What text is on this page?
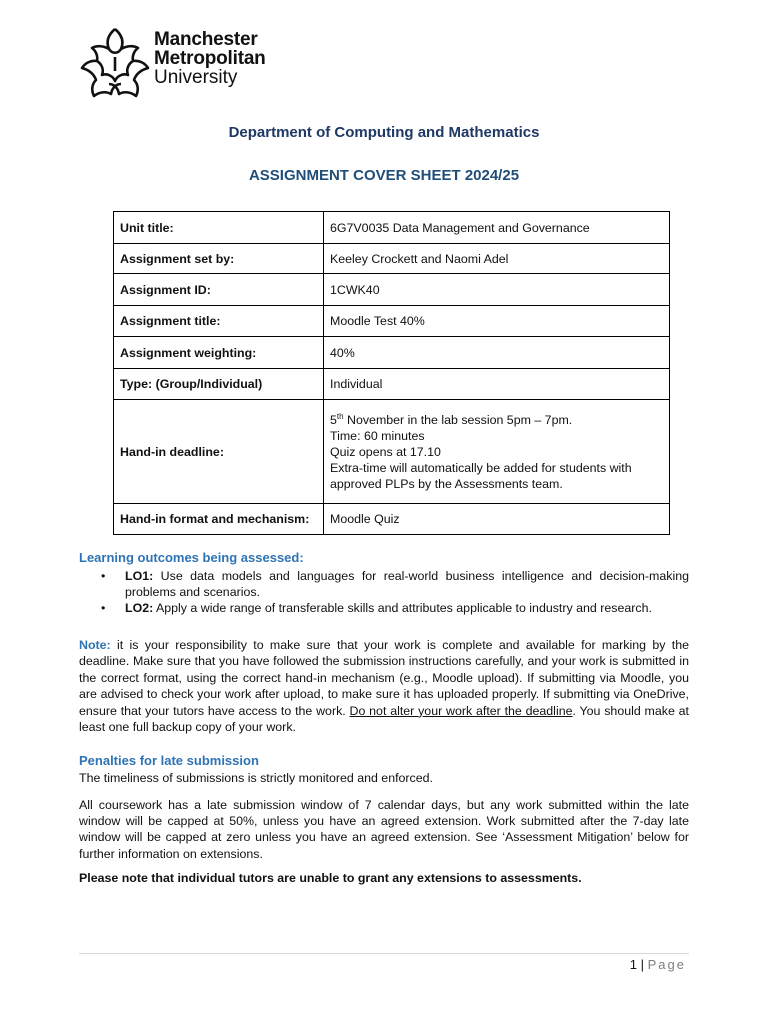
Manchester
Metropolitan
University
Department of Computing and Mathematics
ASSIGNMENT COVER SHEET 2024/25
Unit title:	6G7V0035 Data Management and Governance
Assignment set by:	Keeley Crockett and Naomi Adel
Assignment ID:	1CWK40
Assignment title:	Moodle Test 40%
Assignment weighting:	40%
Type: (Group/Individual)	Individual
Hand-in deadline:	5th November in the lab session 5pm – 7pm.
Time: 60 minutes
Quiz opens at 17.10
Extra-time will automatically be added for students with approved PLPs by the Assessments team.

Hand-in format and mechanism:	Moodle Quiz
Learning outcomes being assessed:
• LO1: Use data models and languages for real-world business intelligence and decision-making problems and scenarios.
• LO2: Apply a wide range of transferable skills and attributes applicable to industry and research.
Note: it is your responsibility to make sure that your work is complete and available for marking by the deadline. Make sure that you have followed the submission instructions carefully, and your work is submitted in the correct format, using the correct hand-in mechanism (e.g., Moodle upload). If submitting via Moodle, you are advised to check your work after upload, to make sure it has uploaded properly. If submitting via OneDrive, ensure that your tutors have access to the work. Do not alter your work after the deadline. You should make at least one full backup copy of your work.
Penalties for late submission
The timeliness of submissions is strictly monitored and enforced.
All coursework has a late submission window of 7 calendar days, but any work submitted within the late window will be capped at 50%, unless you have an agreed extension. Work submitted after the 7-day late window will be capped at zero unless you have an agreed extension. See ‘Assessment Mitigation’ below for further information on extensions.
Please note that individual tutors are unable to grant any extensions to assessments.
1 | Page
